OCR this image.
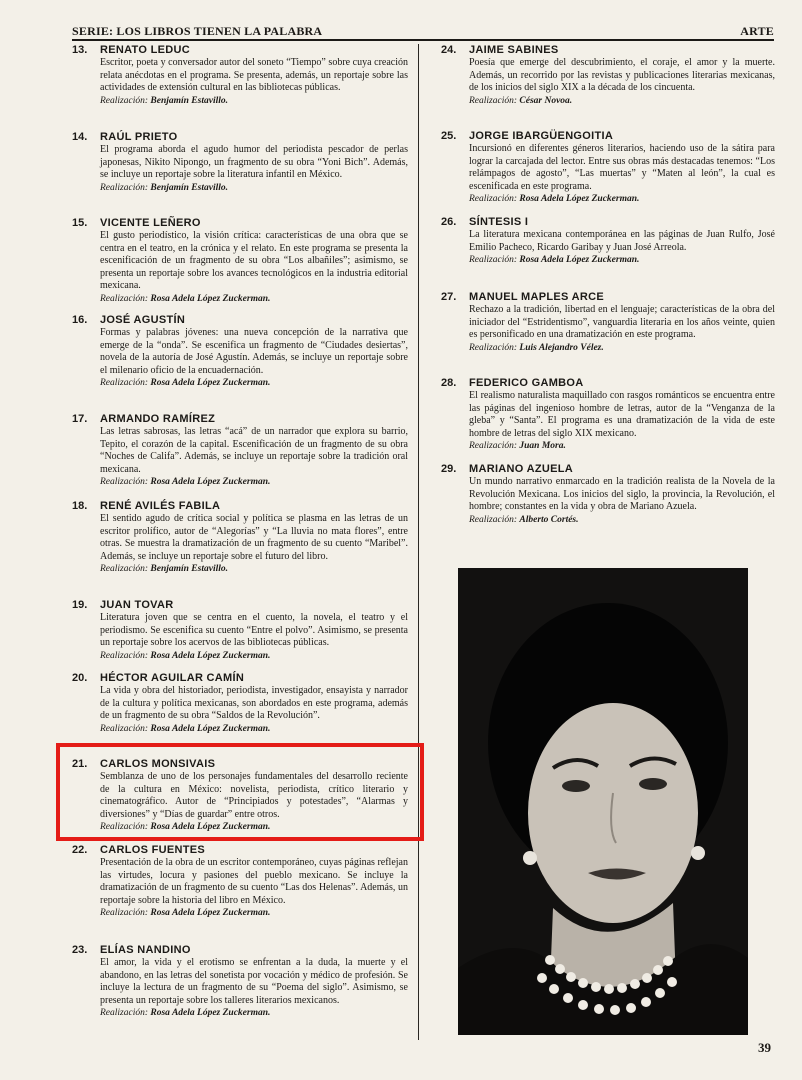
SERIE: LOS LIBROS TIENEN LA PALABRA	ARTE
13. RENATO LEDUC
Escritor, poeta y conversador autor del soneto “Tiempo” sobre cuya creación relata anécdotas en el programa. Se presenta, además, un reportaje sobre las actividades de extensión cultural en las bibliotecas públicas.
Realización: Benjamín Estavillo.
14. RAÚL PRIETO
El programa aborda el agudo humor del periodista pescador de perlas japonesas, Nikito Nipongo, un fragmento de su obra “Yoni Bich”. Además, se incluye un reportaje sobre la literatura infantil en México.
Realización: Benjamín Estavillo.
15. VICENTE LEÑERO
El gusto periodístico, la visión crítica: características de una obra que se centra en el teatro, en la crónica y el relato. En este programa se presenta la escenificación de un fragmento de su obra “Los albañiles”; asimismo, se presenta un reportaje sobre los avances tecnológicos en la industria editorial mexicana.
Realización: Rosa Adela López Zuckerman.
16. JOSÉ AGUSTÍN
Formas y palabras jóvenes: una nueva concepción de la narrativa que emerge de la “onda”. Se escenifica un fragmento de “Ciudades desiertas”, novela de la autoría de José Agustín. Además, se incluye un reportaje sobre el milenario oficio de la encuadernación.
Realización: Rosa Adela López Zuckerman.
17. ARMANDO RAMÍREZ
Las letras sabrosas, las letras “acá” de un narrador que explora su barrio, Tepito, el corazón de la capital. Escenificación de un fragmento de su obra “Noches de Califa”. Además, se incluye un reportaje sobre la tradición oral mexicana.
Realización: Rosa Adela López Zuckerman.
18. RENÉ AVILÉS FABILA
El sentido agudo de crítica social y política se plasma en las letras de un escritor prolífico, autor de “Alegorías” y “La lluvia no mata flores”, entre otras. Se muestra la dramatización de un fragmento de su cuento “Maribel”. Además, se incluye un reportaje sobre el futuro del libro.
Realización: Benjamín Estavillo.
19. JUAN TOVAR
Literatura joven que se centra en el cuento, la novela, el teatro y el periodismo. Se escenifica su cuento “Entre el polvo”. Asimismo, se presenta un reportaje sobre los acervos de las bibliotecas públicas.
Realización: Rosa Adela López Zuckerman.
20. HÉCTOR AGUILAR CAMÍN
La vida y obra del historiador, periodista, investigador, ensayista y narrador de la cultura y política mexicanas, son abordados en este programa, además de un fragmento de su obra “Saldos de la Revolución”.
Realización: Rosa Adela López Zuckerman.
21. CARLOS MONSIVAIS
Semblanza de uno de los personajes fundamentales del desarrollo reciente de la cultura en México: novelista, periodista, crítico literario y cinematográfico. Autor de “Principiados y potestades”, “Alarmas y diversiones” y “Días de guardar” entre otros.
Realización: Rosa Adela López Zuckerman.
22. CARLOS FUENTES
Presentación de la obra de un escritor contemporáneo, cuyas páginas reflejan las virtudes, locura y pasiones del pueblo mexicano. Se incluye la dramatización de un fragmento de su cuento “Las dos Helenas”. Además, un reportaje sobre la historia del libro en México.
Realización: Rosa Adela López Zuckerman.
23. ELÍAS NANDINO
El amor, la vida y el erotismo se enfrentan a la duda, la muerte y el abandono, en las letras del sonetista por vocación y médico de profesión. Se incluye la lectura de un fragmento de su “Poema del siglo”. Asimismo, se presenta un reportaje sobre los talleres literarios mexicanos.
Realización: Rosa Adela López Zuckerman.
24. JAIME SABINES
Poesía que emerge del descubrimiento, el coraje, el amor y la muerte. Además, un recorrido por las revistas y publicaciones literarias mexicanas, de los inicios del siglo XIX a la década de los cincuenta.
Realización: César Novoa.
25. JORGE IBARGÜENGOITIA
Incursionó en diferentes géneros literarios, haciendo uso de la sátira para lograr la carcajada del lector. Entre sus obras más destacadas tenemos: “Los relámpagos de agosto”, “Las muertas” y “Maten al león”, la cual es escenificada en este programa.
Realización: Rosa Adela López Zuckerman.
26. SÍNTESIS I
La literatura mexicana contemporánea en las páginas de Juan Rulfo, José Emilio Pacheco, Ricardo Garibay y Juan José Arreola.
Realización: Rosa Adela López Zuckerman.
27. MANUEL MAPLES ARCE
Rechazo a la tradición, libertad en el lenguaje; características de la obra del iniciador del “Estridentismo”, vanguardia literaria en los años veinte, quien es personificado en una dramatización en este programa.
Realización: Luis Alejandro Vélez.
28. FEDERICO GAMBOA
El realismo naturalista maquillado con rasgos románticos se encuentra entre las páginas del ingenioso hombre de letras, autor de la “Venganza de la gleba” y “Santa”. El programa es una dramatización de la vida de este hombre de letras del siglo XIX mexicano.
Realización: Juan Mora.
29. MARIANO AZUELA
Un mundo narrativo enmarcado en la tradición realista de la Novela de la Revolución Mexicana. Los inicios del siglo, la provincia, la Revolución, el hombre; constantes en la vida y obra de Mariano Azuela.
Realización: Alberto Cortés.
39
